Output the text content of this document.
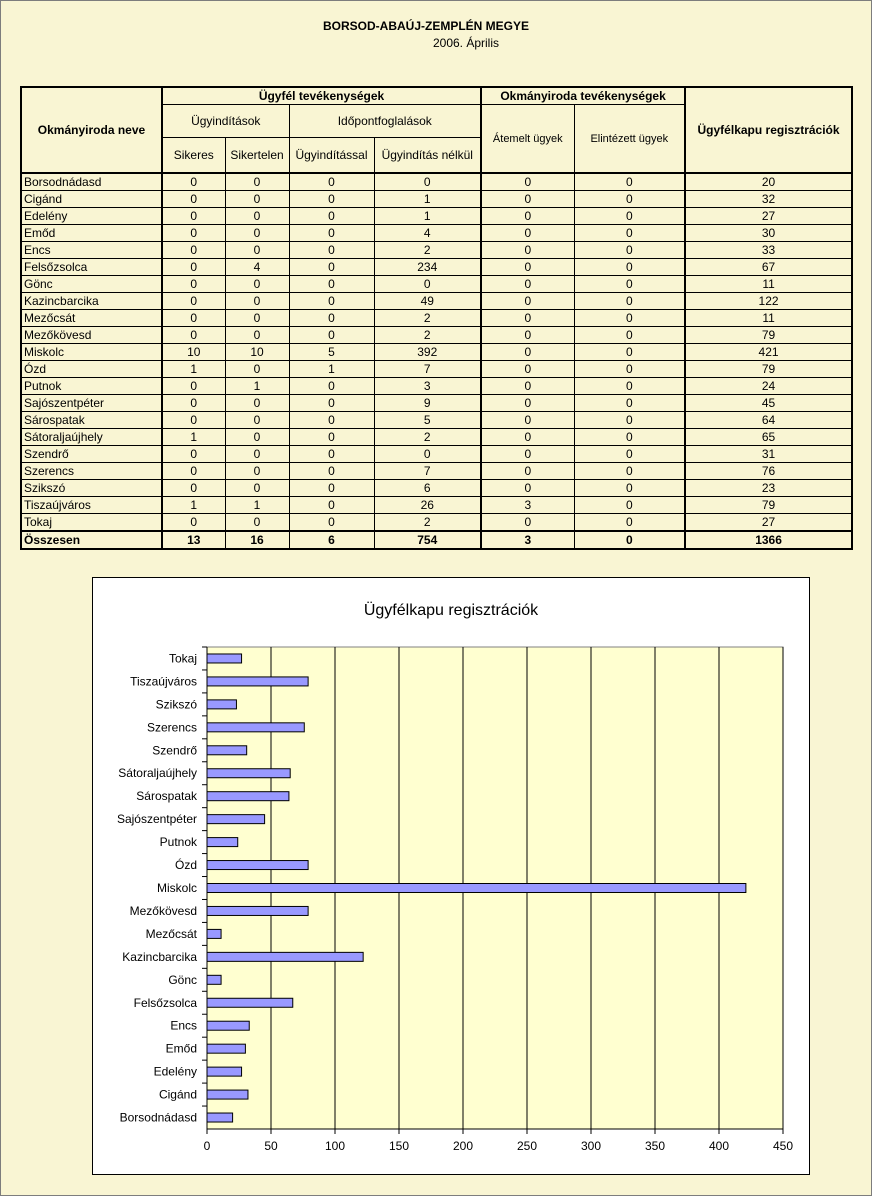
BORSOD-ABAÚJ-ZEMPLÉN MEGYE
2006. Április
Okmányiroda neve	Ügyfél tevékenységek				Okmányiroda tevékenységek		Ügyfélkapu regisztrációk
	Ügyindítások		Időpontfoglalások		Átemelt ügyek	Elintézett ügyek	
	Sikeres	Sikertelen	Ügyindítással	Ügyindítás nélkül			
Borsodnádasd	0	0	0	0	0	0	20
Cigánd	0	0	0	1	0	0	32
Edelény	0	0	0	1	0	0	27
Emőd	0	0	0	4	0	0	30
Encs	0	0	0	2	0	0	33
Felsőzsolca	0	4	0	234	0	0	67
Gönc	0	0	0	0	0	0	11
Kazincbarcika	0	0	0	49	0	0	122
Mezőcsát	0	0	0	2	0	0	11
Mezőkövesd	0	0	0	2	0	0	79
Miskolc	10	10	5	392	0	0	421
Ózd	1	0	1	7	0	0	79
Putnok	0	1	0	3	0	0	24
Sajószentpéter	0	0	0	9	0	0	45
Sárospatak	0	0	0	5	0	0	64
Sátoraljaújhely	1	0	0	2	0	0	65
Szendrő	0	0	0	0	0	0	31
Szerencs	0	0	0	7	0	0	76
Szikszó	0	0	0	6	0	0	23
Tiszaújváros	1	1	0	26	3	0	79
Tokaj	0	0	0	2	0	0	27
Összesen	13	16	6	754	3	0	1366
Ügyfélkapu regisztrációk
0	50	100	150	200	250	300	350	400	450
Tokaj
Tiszaújváros
Szikszó
Szerencs
Szendrő
Sátoraljaújhely
Sárospatak
Sajószentpéter
Putnok
Ózd
Miskolc
Mezőkövesd
Mezőcsát
Kazincbarcika
Gönc
Felsőzsolca
Encs
Emőd
Edelény
Cigánd
Borsodnádasd
